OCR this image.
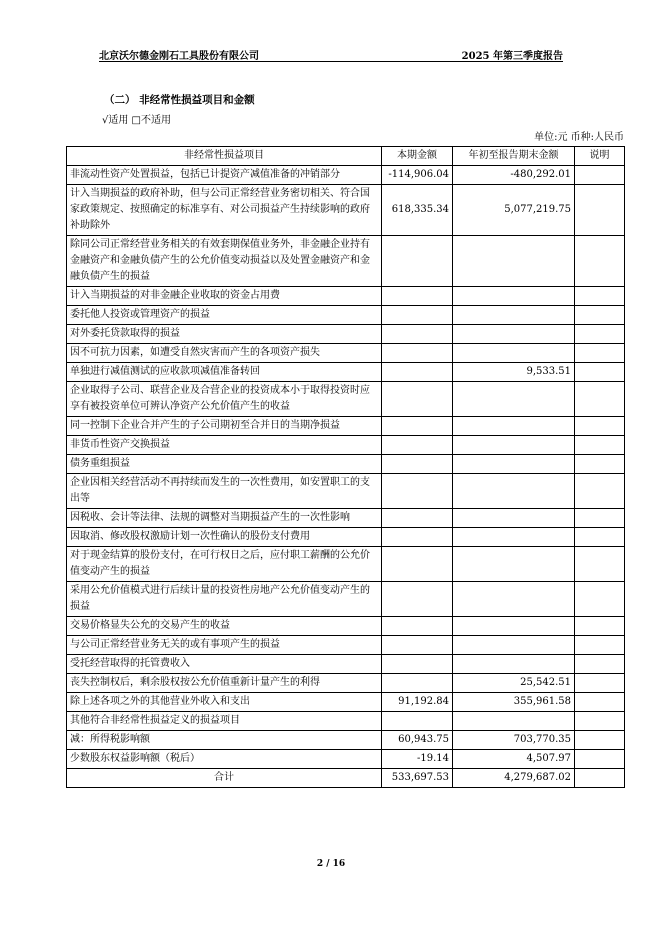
北京沃尔德金刚石工具股份有限公司	2025 年第三季度报告
（二） 非经常性损益项目和金额
√适用 □不适用
单位:元 币种:人民币
非经常性损益项目	本期金额	年初至报告期末金额	说明
非流动性资产处置损益，包括已计提资产减值准备的冲销部分	-114,906.04	-480,292.01	
计入当期损益的政府补助，但与公司正常经营业务密切相关、符合国家政策规定、按照确定的标准享有、对公司损益产生持续影响的政府补助除外	618,335.34	5,077,219.75	
除同公司正常经营业务相关的有效套期保值业务外，非金融企业持有金融资产和金融负债产生的公允价值变动损益以及处置金融资产和金融负债产生的损益			
计入当期损益的对非金融企业收取的资金占用费			
委托他人投资或管理资产的损益			
对外委托贷款取得的损益			
因不可抗力因素，如遭受自然灾害而产生的各项资产损失			
单独进行减值测试的应收款项减值准备转回		9,533.51	
企业取得子公司、联营企业及合营企业的投资成本小于取得投资时应享有被投资单位可辨认净资产公允价值产生的收益			
同一控制下企业合并产生的子公司期初至合并日的当期净损益			
非货币性资产交换损益			
债务重组损益			
企业因相关经营活动不再持续而发生的一次性费用，如安置职工的支出等			
因税收、会计等法律、法规的调整对当期损益产生的一次性影响			
因取消、修改股权激励计划一次性确认的股份支付费用			
对于现金结算的股份支付，在可行权日之后，应付职工薪酬的公允价值变动产生的损益			
采用公允价值模式进行后续计量的投资性房地产公允价值变动产生的损益			
交易价格显失公允的交易产生的收益			
与公司正常经营业务无关的或有事项产生的损益			
受托经营取得的托管费收入			
丧失控制权后，剩余股权按公允价值重新计量产生的利得		25,542.51	
除上述各项之外的其他营业外收入和支出	91,192.84	355,961.58	
其他符合非经常性损益定义的损益项目			
减：所得税影响额	60,943.75	703,770.35	
少数股东权益影响额（税后）	-19.14	4,507.97	
合计	533,697.53	4,279,687.02	
2 / 16
